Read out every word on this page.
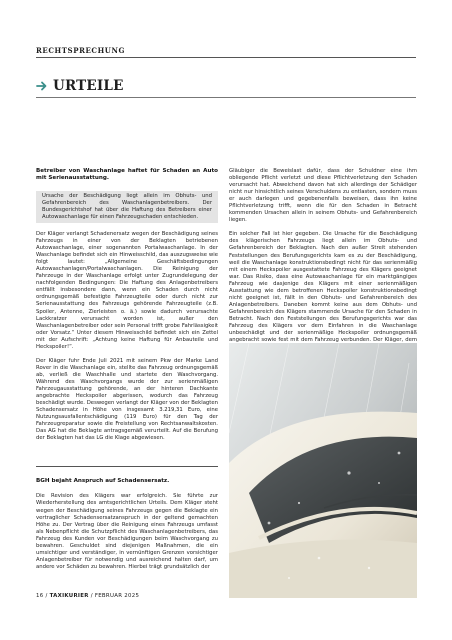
RECHTSPRECHUNG
URTEILE

Betreiber von Waschanlage haftet für Schaden an Auto mit Serienausstattung.

Ursache der Beschädigung liegt allein im Obhuts- und Gefahrenbereich des Waschanlagenbetreibers. Der Bundesgerichtshof hat über die Haftung des Betreibers einer Autowaschanlage für einen Fahrzeugschaden entschieden.

Der Kläger verlangt Schadenersatz wegen der Beschädigung seines Fahrzeugs in einer von der Beklagten betriebenen Autowaschanlage, einer sogenannten Portalwaschanlage. In der Waschanlage befindet sich ein Hinweisschild, das auszugsweise wie folgt lautet: „Allgemeine Geschäftsbedingungen Autowaschanlagen/Portalwaschanlagen. Die Reinigung der Fahrzeuge in der Waschanlage erfolgt unter Zugrundelegung der nachfolgenden Bedingungen: Die Haftung des Anlagenbetreibers entfällt insbesondere dann, wenn ein Schaden durch nicht ordnungsgemäß befestigte Fahrzeugteile oder durch nicht zur Serienausstattung des Fahrzeugs gehörende Fahrzeugteile (z.B. Spoiler, Antenne, Zierleisten o. ä.) sowie dadurch verursachte Lackkratzer verursacht worden ist, außer den Waschanlagenbetreiber oder sein Personal trifft grobe Fahrlässigkeit oder Vorsatz.“ Unter diesem Hinweisschild befindet sich ein Zettel mit der Aufschrift: „Achtung keine Haftung für Anbauteile und Heckspoiler!“.

Der Kläger fuhr Ende Juli 2021 mit seinem Pkw der Marke Land Rover in die Waschanlage ein, stellte das Fahrzeug ordnungsgemäß ab, verließ die Waschhalle und startete den Waschvorgang. Während des Waschvorgangs wurde der zur serienmäßigen Fahrzeugausstattung gehörende, an der hinteren Dachkante angebrachte Heckspoiler abgerissen, wodurch das Fahrzeug beschädigt wurde. Deswegen verlangt der Kläger von der Beklagten Schadensersatz in Höhe von insgesamt 3.219,31 Euro, eine Nutzungsausfallentschädigung (119 Euro) für den Tag der Fahrzeugreparatur sowie die Freistellung von Rechtsanwaltskosten. Das AG hat die Beklagte antragsgemäß verurteilt. Auf die Berufung der Beklagten hat das LG die Klage abgewiesen.

BGH bejaht Anspruch auf Schadensersatz.

Die Revision des Klägers war erfolgreich. Sie führte zur Wiederherstellung des amtsgerichtlichen Urteils. Dem Kläger steht wegen der Beschädigung seines Fahrzeugs gegen die Beklagte ein vertraglicher Schadensersatzanspruch in der geltend gemachten Höhe zu. Der Vertrag über die Reinigung eines Fahrzeugs umfasst als Nebenpflicht die Schutzpflicht des Waschanlagenbetreibers, das Fahrzeug des Kunden vor Beschädigungen beim Waschvorgang zu bewahren. Geschuldet sind diejenigen Maßnahmen, die ein umsichtiger und verständiger, in vernünftigen Grenzen vorsichtiger Anlagenbetreiber für notwendig und ausreichend halten darf, um andere vor Schäden zu bewahren. Hierbei trägt grundsätzlich der

Gläubiger die Beweislast dafür, dass der Schuldner eine ihm obliegende Pflicht verletzt und diese Pflichtverletzung den Schaden verursacht hat. Abweichend davon hat sich allerdings der Schädiger nicht nur hinsichtlich seines Verschuldens zu entlasten, sondern muss er auch darlegen und gegebenenfalls beweisen, dass ihn keine Pflichtverletzung trifft, wenn die für den Schaden in Betracht kommenden Ursachen allein in seinem Obhuts- und Gefahrenbereich liegen.

Ein solcher Fall ist hier gegeben. Die Ursache für die Beschädigung des klägerischen Fahrzeugs liegt allein im Obhuts- und Gefahrenbereich der Beklagten. Nach den außer Streit stehenden Feststellungen des Berufungsgerichts kam es zu der Beschädigung, weil die Waschanlage konstruktionsbedingt nicht für das serienmäßig mit einem Heckspoiler ausgestattete Fahrzeug des Klägers geeignet war. Das Risiko, dass eine Autowaschanlage für ein marktgängiges Fahrzeug wie dasjenige des Klägers mit einer serienmäßigen Ausstattung wie dem betroffenen Heckspoiler konstruktionsbedingt nicht geeignet ist, fällt in den Obhuts- und Gefahrenbereich des Anlagenbetreibers. Daneben kommt keine aus dem Obhuts- und Gefahrenbereich des Klägers stammende Ursache für den Schaden in Betracht. Nach den Feststellungen des Berufungsgerichts war das Fahrzeug des Klägers vor dem Einfahren in die Waschanlage unbeschädigt und der serienmäßige Heckspoiler ordnungsgemäß angebracht sowie fest mit dem Fahrzeug verbunden. Der Kläger, dem

16 / TAXIKURIER / FEBRUAR 2025
